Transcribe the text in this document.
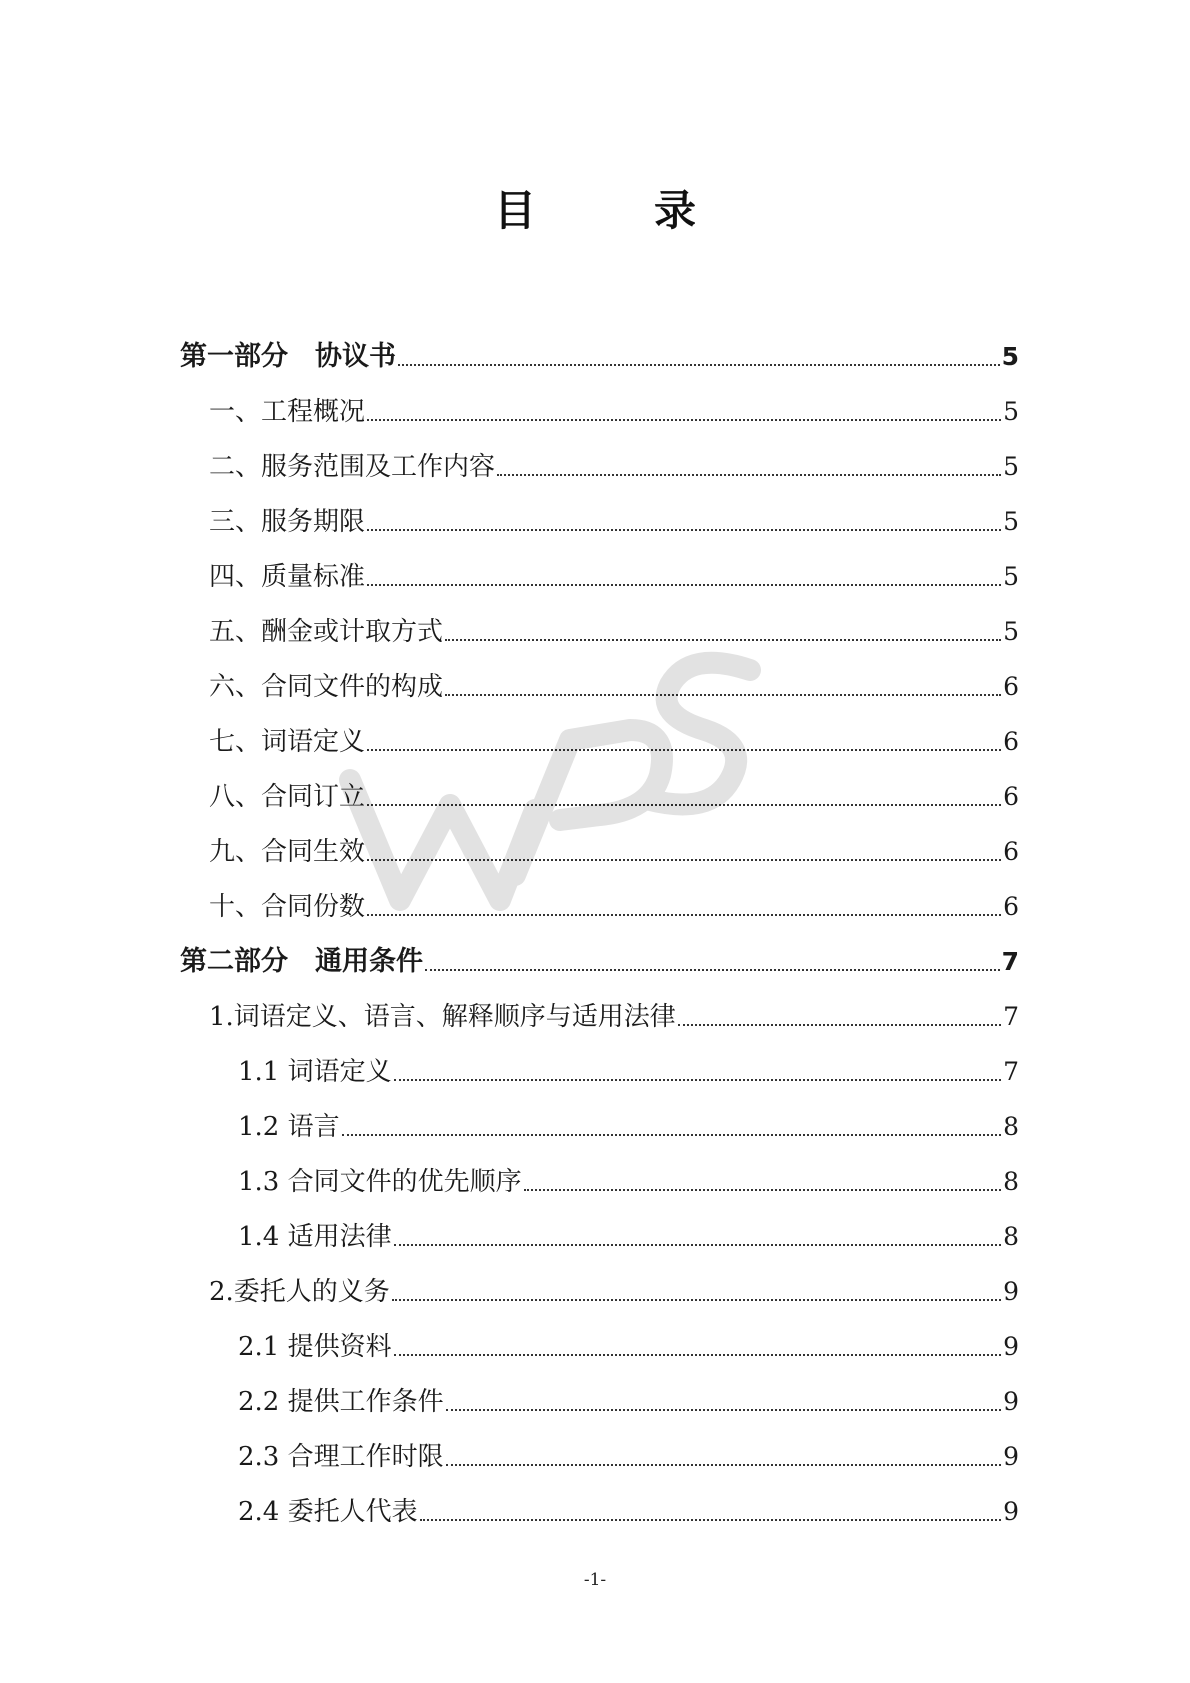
目　录
第一部分　协议书	5
一、工程概况	5
二、服务范围及工作内容	5
三、服务期限	5
四、质量标准	5
五、酬金或计取方式	5
六、合同文件的构成	6
七、词语定义	6
八、合同订立	6
九、合同生效	6
十、合同份数	6
第二部分　通用条件	7
1.词语定义、语言、解释顺序与适用法律	7
1.1 词语定义	7
1.2 语言	8
1.3 合同文件的优先顺序	8
1.4 适用法律	8
2.委托人的义务	9
2.1 提供资料	9
2.2 提供工作条件	9
2.3 合理工作时限	9
2.4 委托人代表	9
-1-
